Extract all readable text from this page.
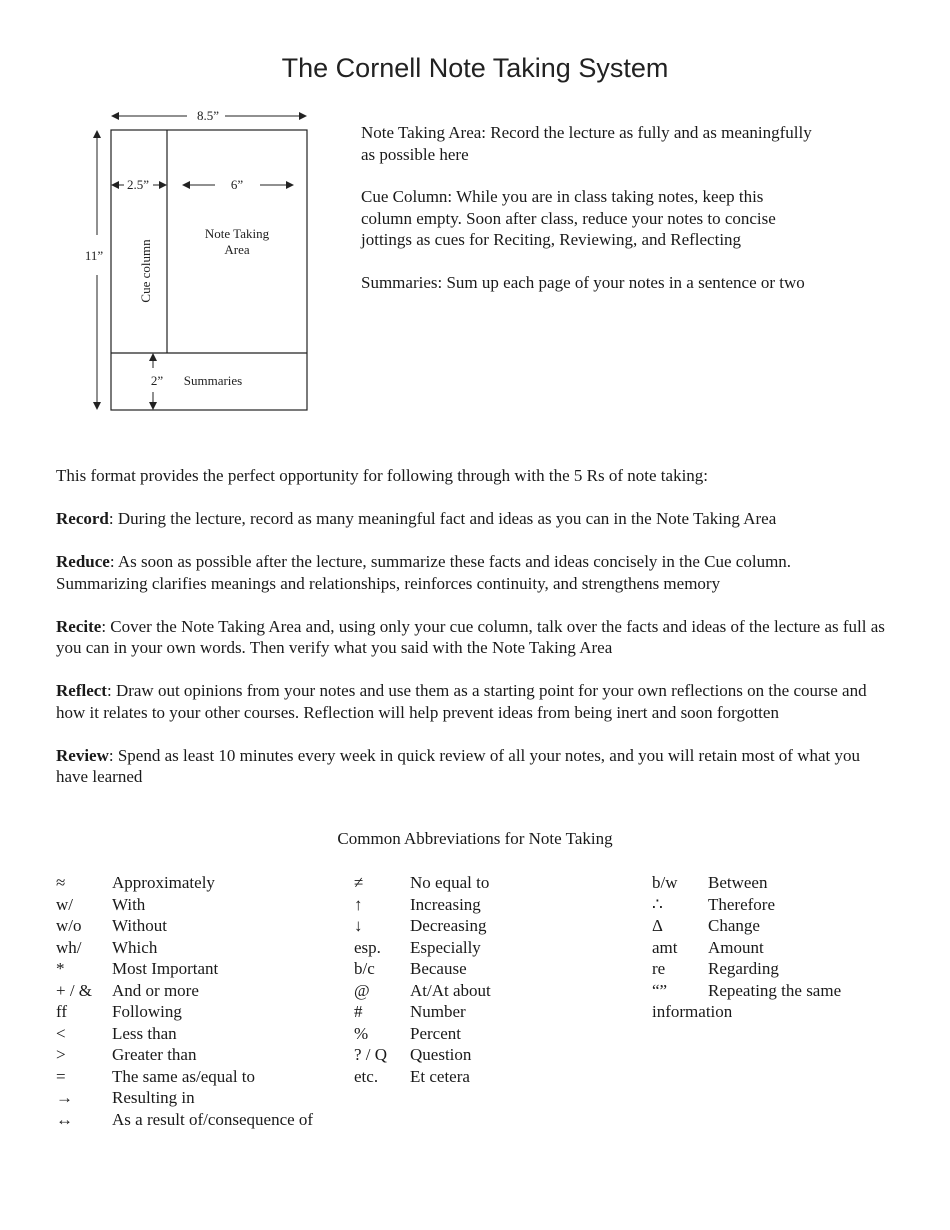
The Cornell Note Taking System
8.5”
11”
2.5”	6”
Note Taking
Area
Cue column
2” Summaries

Note Taking Area: Record the lecture as fully and as meaningfully as possible here

Cue Column: While you are in class taking notes, keep this column empty. Soon after class, reduce your notes to concise jottings as cues for Reciting, Reviewing, and Reflecting

Summaries: Sum up each page of your notes in a sentence or two

This format provides the perfect opportunity for following through with the 5 Rs of note taking:

Record: During the lecture, record as many meaningful fact and ideas as you can in the Note Taking Area

Reduce: As soon as possible after the lecture, summarize these facts and ideas concisely in the Cue column. Summarizing clarifies meanings and relationships, reinforces continuity, and strengthens memory

Recite: Cover the Note Taking Area and, using only your cue column, talk over the facts and ideas of the lecture as full as you can in your own words. Then verify what you said with the Note Taking Area

Reflect: Draw out opinions from your notes and use them as a starting point for your own reflections on the course and how it relates to your other courses. Reflection will help prevent ideas from being inert and soon forgotten

Review: Spend as least 10 minutes every week in quick review of all your notes, and you will retain most of what you have learned

Common Abbreviations for Note Taking
≈	Approximately
w/	With
w/o	Without
wh/	Which
*	Most Important
+ / &	And or more
ff	Following
<	Less than
>	Greater than
=	The same as/equal to
→	Resulting in
↔	As a result of/consequence of
≠	No equal to
↑	Increasing
↓	Decreasing
esp.	Especially
b/c	Because
@	At/At about
#	Number
%	Percent
? / Q	Question
etc.	Et cetera
b/w	Between
∴	Therefore
Δ	Change
amt	Amount
re	Regarding
“”	Repeating the same
information
